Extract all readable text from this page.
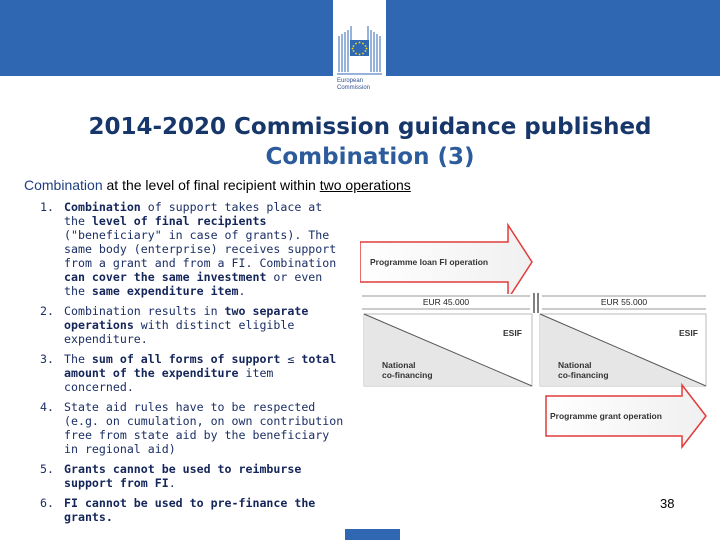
European
Commission
2014-2020 Commission guidance published
Combination (3)
Combination at the level of final recipient within two operations
1. Combination of support takes place at the level of final recipients ("beneficiary" in case of grants). The same body (enterprise) receives support from a grant and from a FI. Combination can cover the same investment or even the same expenditure item.
2. Combination results in two separate operations with distinct eligible expenditure.
3. The sum of all forms of support ≤ total amount of the expenditure item concerned.
4. State aid rules have to be respected (e.g. on cumulation, on own contribution free from state aid by the beneficiary in regional aid)
5. Grants cannot be used to reimburse support from FI.
6. FI cannot be used to pre-finance the grants.
Programme loan FI operation
EUR 45.000	EUR 55.000
ESIF	ESIF
National
co-financing
National
co-financing
Programme grant operation
38
